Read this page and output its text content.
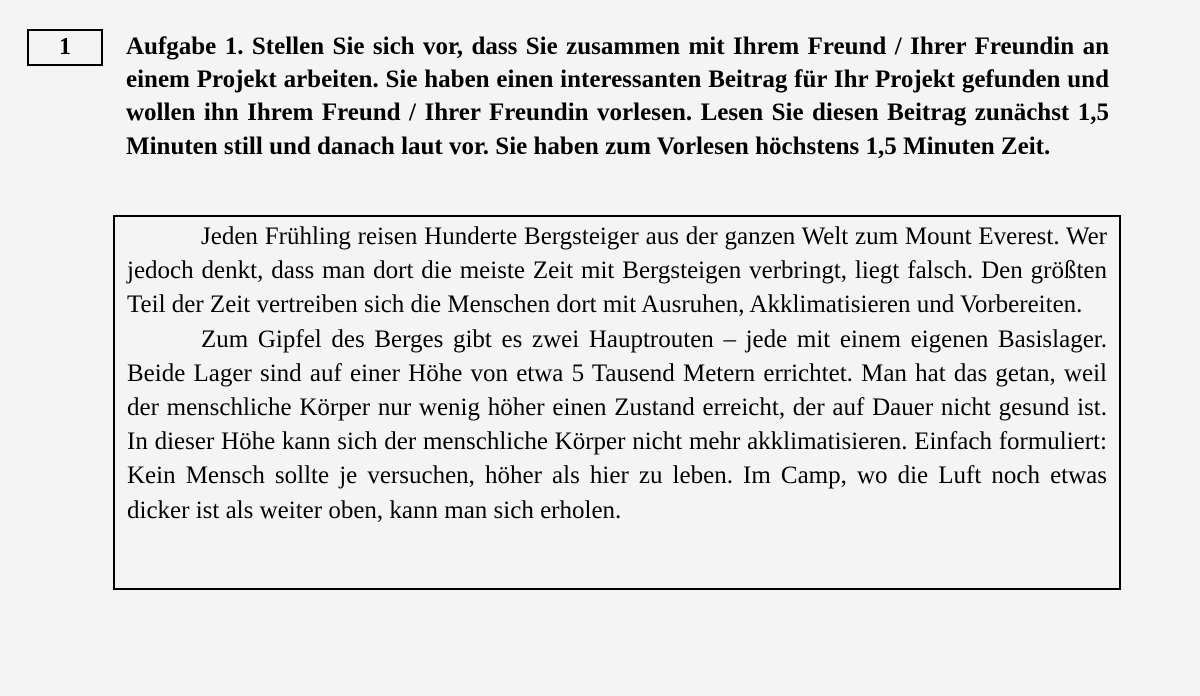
1 Aufgabe 1. Stellen Sie sich vor, dass Sie zusammen mit Ihrem Freund / Ihrer Freundin an einem Projekt arbeiten. Sie haben einen interessanten Beitrag für Ihr Projekt gefunden und wollen ihn Ihrem Freund / Ihrer Freundin vorlesen. Lesen Sie diesen Beitrag zunächst 1,5 Minuten still und danach laut vor. Sie haben zum Vorlesen höchstens 1,5 Minuten Zeit.

Jeden Frühling reisen Hunderte Bergsteiger aus der ganzen Welt zum Mount Everest. Wer jedoch denkt, dass man dort die meiste Zeit mit Bergsteigen verbringt, liegt falsch. Den größten Teil der Zeit vertreiben sich die Menschen dort mit Ausruhen, Akklimatisieren und Vorbereiten.

Zum Gipfel des Berges gibt es zwei Hauptrouten – jede mit einem eigenen Basislager. Beide Lager sind auf einer Höhe von etwa 5 Tausend Metern errichtet. Man hat das getan, weil der menschliche Körper nur wenig höher einen Zustand erreicht, der auf Dauer nicht gesund ist. In dieser Höhe kann sich der menschliche Körper nicht mehr akklimatisieren. Einfach formuliert: Kein Mensch sollte je versuchen, höher als hier zu leben. Im Camp, wo die Luft noch etwas dicker ist als weiter oben, kann man sich erholen.
